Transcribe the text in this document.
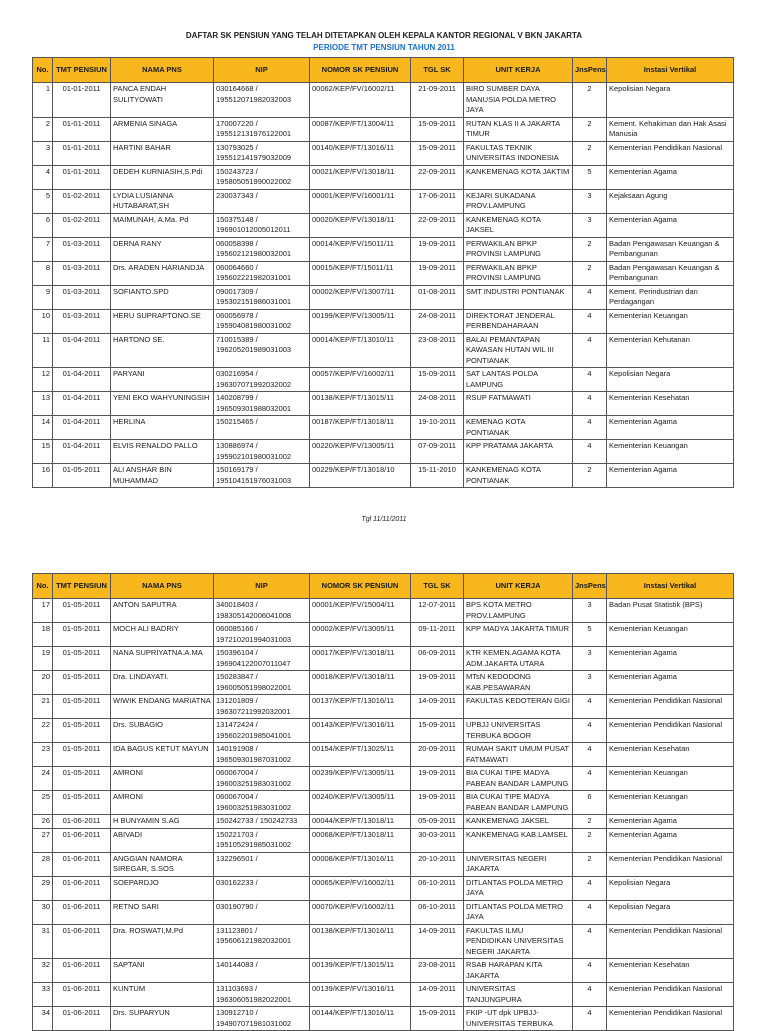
DAFTAR SK PENSIUN YANG TELAH DITETAPKAN OLEH KEPALA KANTOR REGIONAL V BKN JAKARTA
PERIODE TMT PENSIUN TAHUN 2011
No.	TMT PENSIUN	NAMA PNS	NIP	NOMOR SK PENSIUN	TGL SK	UNIT KERJA	JnsPens	Instasi Vertikal
1	01-01-2011	PANCA ENDAH SULITYOWATI	030164668 / 195512071982032003	00062/KEP/FV/16002/11	21-09-2011	BIRO SUMBER DAYA MANUSIA POLDA METRO JAYA	2	Kepolisian Negara
2	01-01-2011	ARMENIA SINAGA	170007220 / 195512131976122001	00087/KEP/FT/13004/11	15-09-2011	RUTAN KLAS II A JAKARTA TIMUR	2	Kement. Kehakiman dan Hak Asasi Manusia
3	01-01-2011	HARTINI BAHAR	130793025 / 195512141979032009	00140/KEP/FT/13016/11	15-09-2011	FAKULTAS TEKNIK UNIVERSITAS INDONESIA	2	Kementerian Pendidikan Nasional
4	01-01-2011	DEDEH KURNIASIH,S.Pdi	150243723 / 195805051990022002	00021/KEP/FV/13018/11	22-09-2011	KANKEMENAG KOTA JAKTIM	5	Kementerian Agama
5	01-02-2011	LYDIA LUSIANNA HUTABARAT,SH	230037343 /	00001/KEP/FV/16001/11	17-06-2011	KEJARI SUKADANA PROV.LAMPUNG	3	Kejaksaan Agung
6	01-02-2011	MAIMUNAH, A.Ma. Pd	150375148 / 196901012005012011	00020/KEP/FV/13018/11	22-09-2011	KANKEMENAG KOTA JAKSEL	3	Kementerian Agama
7	01-03-2011	DERNA RANY	060058398 / 195602121980032001	00014/KEP/FV/15011/11	19-09-2011	PERWAKILAN BPKP PROVINSI LAMPUNG	2	Badan Pengawasan Keuangan & Pembangunan
8	01-03-2011	Drs. ARADEN HARIANDJA	060064660 / 195602221982031001	00015/KEP/FT/15011/11	19-09-2011	PERWAKILAN BPKP PROVINSI LAMPUNG	2	Badan Pengawasan Keuangan & Pembangunan
9	01-03-2011	SOFIANTO.SPD	090017309 / 195302151986031001	00002/KEP/FV/13007/11	01-08-2011	SMT INDUSTRI PONTIANAK	4	Kement. Perindustrian dan Perdagangan
10	01-03-2011	HERU SUPRAPTONO.SE	060056978 / 195904081980031002	00199/KEP/FV/13005/11	24-08-2011	DIREKTORAT JENDERAL PERBENDAHARAAN	4	Kementerian Keuangan
11	01-04-2011	HARTONO SE.	710015389 / 196205201989031003	00014/KEP/FT/13010/11	23-08-2011	BALAI PEMANTAPAN KAWASAN HUTAN WIL III PONTIANAK	4	Kementerian Kehutanan
12	01-04-2011	PARYANI	030216954 / 196307071992032002	00057/KEP/FV/16002/11	15-09-2011	SAT LANTAS POLDA LAMPUNG	4	Kepolisian Negara
13	01-04-2011	YENI EKO WAHYUNINGSIH	140208799 / 196509301988032001	00138/KEP/FT/13015/11	24-08-2011	RSUP FATMAWATI	4	Kementerian Kesehatan
14	01-04-2011	HERLINA	150215465 /	00187/KEP/FT/13018/11	19-10-2011	KEMENAG KOTA PONTIANAK	4	Kementerian Agama
15	01-04-2011	ELVIS RENALDO PALLO	130886974 / 195902101980031002	00220/KEP/FV/13005/11	07-09-2011	KPP PRATAMA JAKARTA	4	Kementerian Keuangan
16	01-05-2011	ALI ANSHAR BIN MUHAMMAD	150169179 / 195104151976031003	00229/KEP/FT/13018/10	15-11-2010	KANKEMENAG KOTA PONTIANAK	2	Kementerian Agama
Tgl 11/11/2011
No.	TMT PENSIUN	NAMA PNS	NIP	NOMOR SK PENSIUN	TGL SK	UNIT KERJA	JnsPens	Instasi Vertikal
17	01-05-2011	ANTON SAPUTRA	340018403 / 198305142006041008	00001/KEP/FV/15004/11	12-07-2011	BPS KOTA METRO PROV.LAMPUNG	3	Badan Pusat Statistik (BPS)
18	01-05-2011	MOCH ALI BADRIY	060085166 / 197210201994031003	00002/KEP/FV/13005/11	09-11-2011	KPP MADYA JAKARTA TIMUR	5	Kementerian Keuangan
19	01-05-2011	NANA SUPRIYATNA.A.MA	150396104 / 196904122007011047	00017/KEP/FV/13018/11	06-09-2011	KTR KEMEN.AGAMA KOTA ADM.JAKARTA UTARA	3	Kementerian Agama
20	01-05-2011	Dra. LINDAYATI.	150283847 / 196005051998022001	00018/KEP/FV/13018/11	19-09-2011	MTsN KEDODONG KAB.PESAWARAN	3	Kementerian Agama
21	01-05-2011	WIWIK ENDANG MARIATNA	131201809 / 196307211992032001	00137/KEP/FT/13016/11	14-09-2011	FAKULTAS KEDOTERAN GIGI	4	Kementerian Pendidikan Nasional
22	01-05-2011	Drs. SUBAGIO	131472424 / 195602201985041001	00143/KEP/FV/13016/11	15-09-2011	UPBJJ UNIVERSITAS TERBUKA BOGOR	4	Kementerian Pendidikan Nasional
23	01-05-2011	IDA BAGUS KETUT MAYUN	140191908 / 196509301987031002	00154/KEP/FT/13025/11	20-09-2011	RUMAH SAKIT UMUM PUSAT FATMAWATI	4	Kementerian Kesehatan
24	01-05-2011	AMRONI	060067004 / 196003251983031002	00239/KEP/FV/13005/11	19-09-2011	BIA CUKAI TIPE MADYA PABEAN BANDAR LAMPUNG	4	Kementerian Keuangan
25	01-05-2011	AMRONI	060067004 / 196003251983031002	00240/KEP/FV/13005/11	19-09-2011	BIA CUKAI TIPE MADYA PABEAN BANDAR LAMPUNG	6	Kementerian Keuangan
26	01-06-2011	H BUNYAMIN S.AG	150242733 / 150242733	00044/KEP/FT/13018/11	05-09-2011	KANKEMENAG JAKSEL	2	Kementerian Agama
27	01-06-2011	ABIVADI	150221703 / 195105291985031002	00068/KEP/FT/13018/11	30-03-2011	KANKEMENAG KAB.LAMSEL	2	Kementerian Agama
28	01-06-2011	ANGGIAN NAMORA SIREGAR, S.SOS	132296501 /	00008/KEP/FT/13016/11	20-10-2011	UNIVERSITAS NEGERI JAKARTA	2	Kementerian Pendidikan Nasional
29	01-06-2011	SOEPARDJO	030162233 /	00065/KEP/FV/16002/11	06-10-2011	DITLANTAS POLDA METRO JAYA	4	Kepolisian Negara
30	01-06-2011	RETNO SARI	030190790 /	00070/KEP/FV/16002/11	06-10-2011	DITLANTAS POLDA METRO JAYA	4	Kepolisian Negara
31	01-06-2011	Dra. ROSWATI,M.Pd	131123801 / 195606121982032001	00138/KEP/FT/13016/11	14-09-2011	FAKULTAS ILMU PENDIDIKAN UNIVERSITAS NEGERI JAKARTA	4	Kementerian Pendidikan Nasional
32	01-06-2011	SAPTANI	140144083 /	00139/KEP/FT/13015/11	23-08-2011	RSAB HARAPAN KITA JAKARTA	4	Kementerian Kesehatan
33	01-06-2011	KUNTUM	131103693 / 196306051982022001	00139/KEP/FV/13016/11	14-09-2011	UNIVERSITAS TANJUNGPURA	4	Kementerian Pendidikan Nasional
34	01-06-2011	Drs. SUPARYUN	130912710 / 194907071981031002	00144/KEP/FT/13016/11	15-09-2011	FKIP -UT dpk UPBJJ-UNIVERSITAS TERBUKA	4	Kementerian Pendidikan Nasional
